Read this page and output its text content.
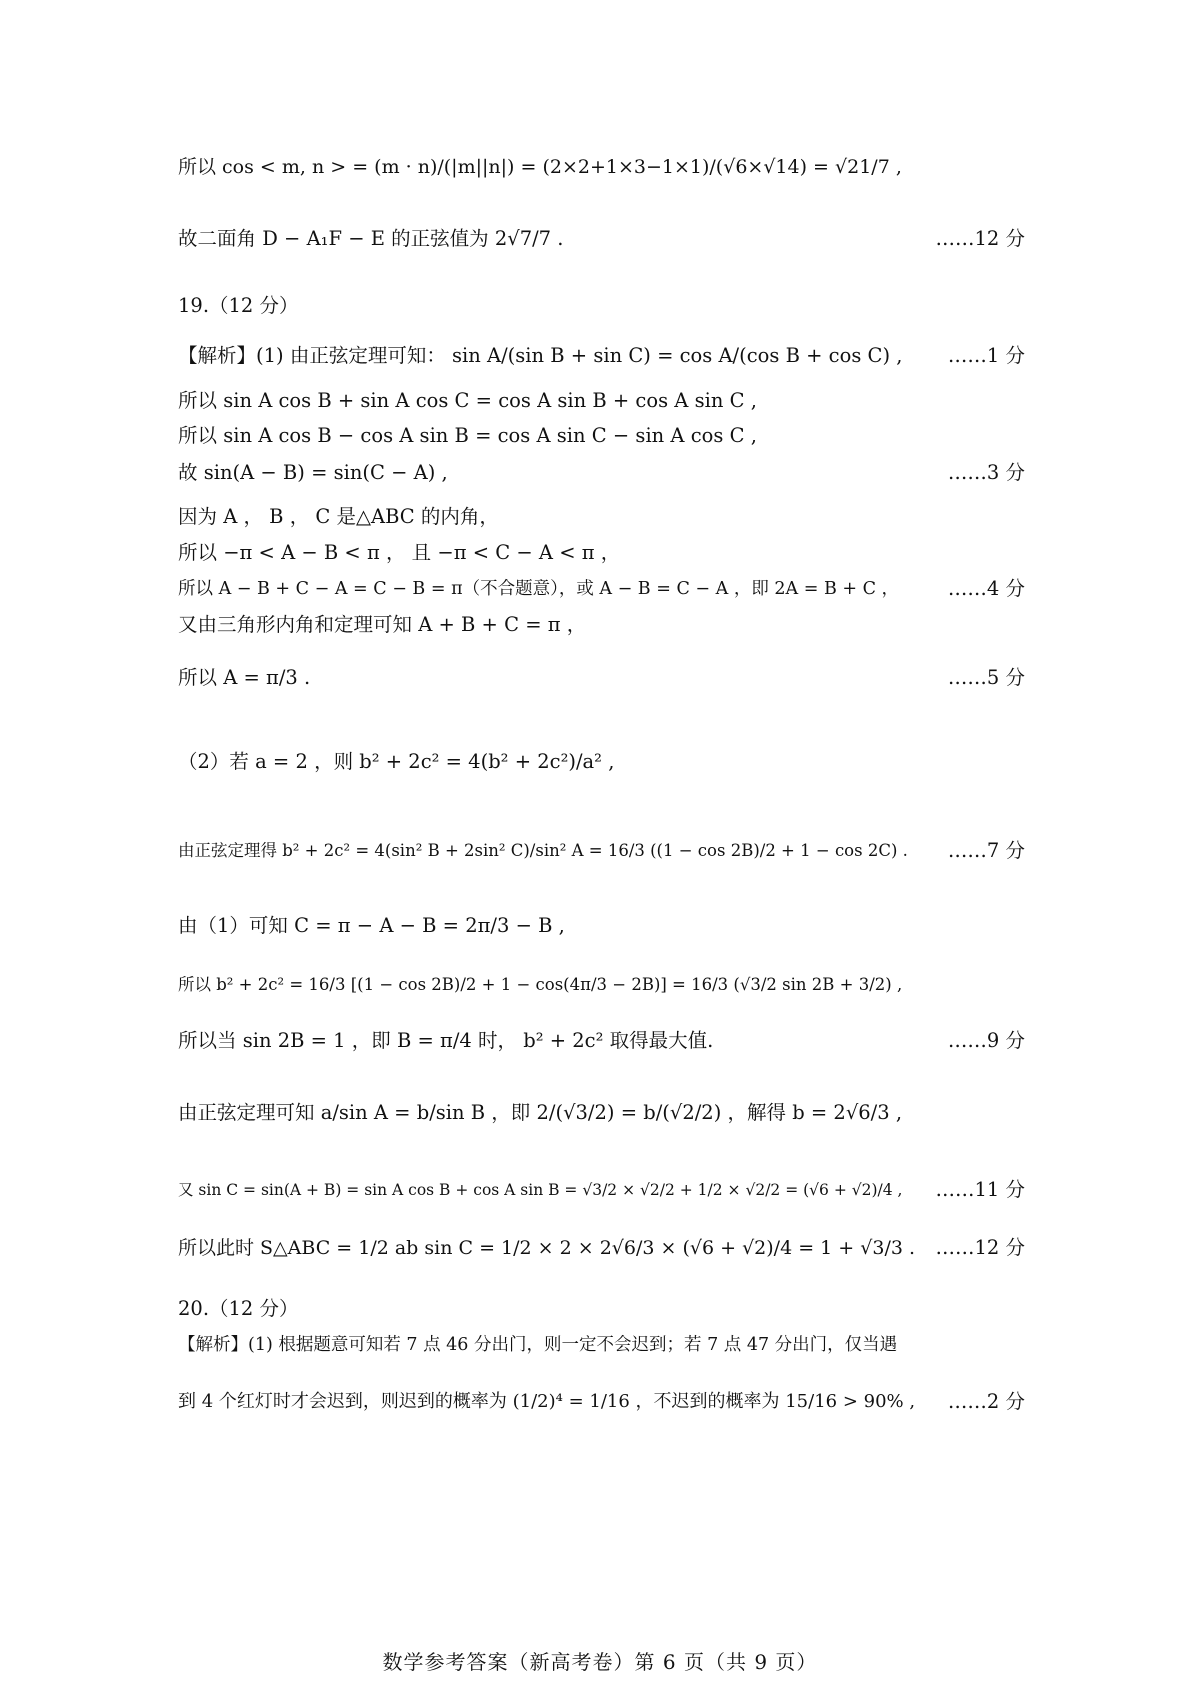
所以 cos < m, n > = (m · n)/(|m||n|) = (2×2+1×3−1×1)/(√6×√14) = √21/7 ,
故二面角 D − A₁F − E 的正弦值为 2√7/7 .	……12 分
19.（12 分）
【解析】(1) 由正弦定理可知： sin A/(sin B + sin C) = cos A/(cos B + cos C) , ……1 分
所以 sin A cos B + sin A cos C = cos A sin B + cos A sin C ,
所以 sin A cos B − cos A sin B = cos A sin C − sin A cos C ,
故 sin(A − B) = sin(C − A) ,	……3 分
因为 A ， B ， C 是△ABC 的内角，
所以 −π < A − B < π ， 且 −π < C − A < π ，
所以 A − B + C − A = C − B = π（不合题意），或 A − B = C − A ，即 2A = B + C ，	……4 分
又由三角形内角和定理可知 A + B + C = π ，
所以 A = π/3 .	……5 分
（2）若 a = 2 ，则 b² + 2c² = 4(b² + 2c²)/a² ,
由正弦定理得 b² + 2c² = 4(sin² B + 2sin² C)/sin² A = 16/3 ((1 − cos 2B)/2 + 1 − cos 2C) . ……7 分
由（1）可知 C = π − A − B = 2π/3 − B ,
所以 b² + 2c² = 16/3 [(1 − cos 2B)/2 + 1 − cos(4π/3 − 2B)] = 16/3 (√3/2 sin 2B + 3/2) ,
所以当 sin 2B = 1 ，即 B = π/4 时， b² + 2c² 取得最大值.	……9 分
由正弦定理可知 a/sin A = b/sin B ，即 2/(√3/2) = b/(√2/2) ，解得 b = 2√6/3 ,
又 sin C = sin(A + B) = sin A cos B + cos A sin B = √3/2 × √2/2 + 1/2 × √2/2 = (√6 + √2)/4 , ……11 分
所以此时 S△ABC = 1/2 ab sin C = 1/2 × 2 × 2√6/3 × (√6 + √2)/4 = 1 + √3/3 . ……12 分
20.（12 分）
【解析】(1) 根据题意可知若 7 点 46 分出门，则一定不会迟到；若 7 点 47 分出门，仅当遇
到 4 个红灯时才会迟到，则迟到的概率为 (1/2)⁴ = 1/16 ，不迟到的概率为 15/16 > 90% , ……2 分
数学参考答案（新高考卷）第 6 页（共 9 页）
